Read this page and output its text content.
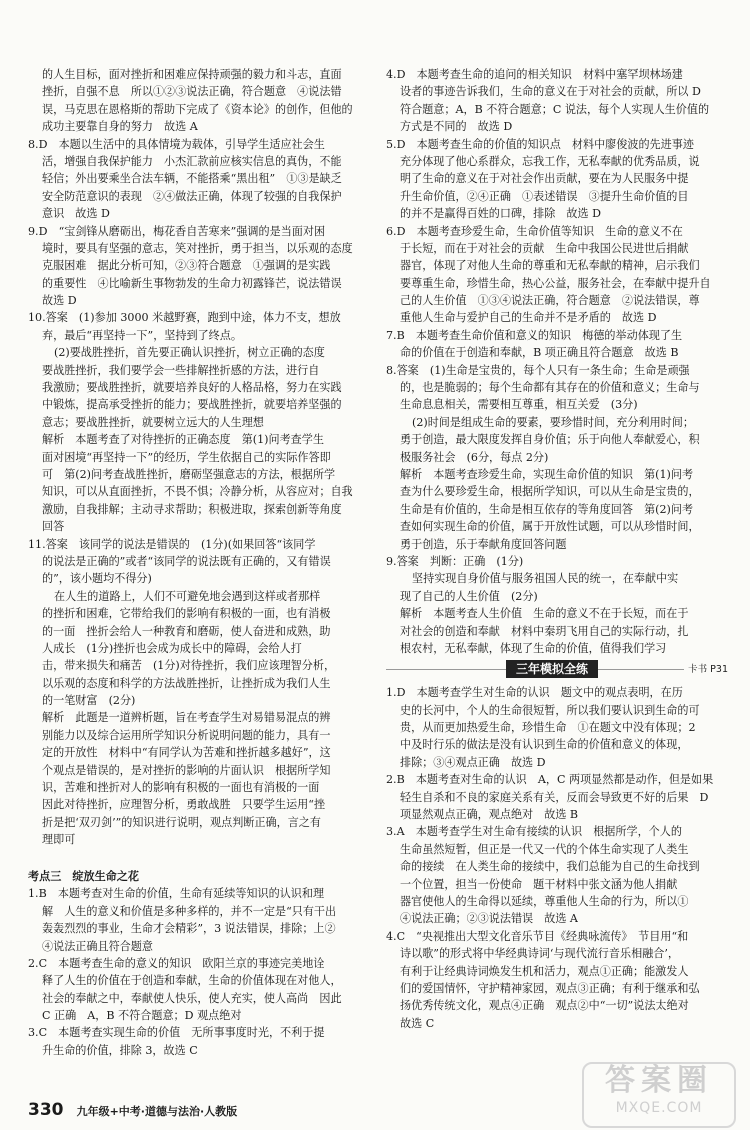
的人生目标，面对挫折和困难应保持顽强的毅力和斗志，直面
挫折，自强不息　所以①②③说法正确，符合题意　④说法错
误，马克思在恩格斯的帮助下完成了《资本论》的创作，但他的
成功主要靠自身的努力　故选 A
8.D　本题以生活中的具体情境为载体，引导学生适应社会生
活，增强自我保护能力　小杰汇款前应核实信息的真伪，不能
轻信；外出要乘坐合法车辆，不能搭乘“黑出租”　①③是缺乏
安全防范意识的表现　②④做法正确，体现了较强的自我保护
意识　故选 D
9.D　“宝剑锋从磨砺出，梅花香自苦寒来”强调的是当面对困
境时，要具有坚强的意志，笑对挫折，勇于担当，以乐观的态度
克服困难　据此分析可知，②③符合题意　①强调的是实践
的重要性　④比喻新生事物勃发的生命力初露锋芒，说法错误
故选 D
10.答案　(1)参加 3000 米越野赛，跑到中途，体力不支，想放
弃，最后“再坚持一下”，坚持到了终点。
(2)要战胜挫折，首先要正确认识挫折，树立正确的态度
要战胜挫折，我们要学会一些排解挫折感的方法，进行自
我激励；要战胜挫折，就要培养良好的人格品格，努力在实践
中锻炼，提高承受挫折的能力；要战胜挫折，就要培养坚强的
意志；要战胜挫折，就要树立远大的人生理想
解析　本题考查了对待挫折的正确态度　第(1)问考查学生
面对困境“再坚持一下”的经历，学生依据自己的实际作答即
可　第(2)问考查战胜挫折，磨砺坚强意志的方法，根据所学
知识，可以从直面挫折，不畏不惧；冷静分析，从容应对；自我
激励，自我排解；主动寻求帮助；积极进取，探索创新等角度
回答
11.答案　该同学的说法是错误的　(1分)(如果回答“该同学
的说法是正确的”或者“该同学的说法既有正确的，又有错误
的”，该小题均不得分)
在人生的道路上，人们不可避免地会遇到这样或者那样
的挫折和困难，它带给我们的影响有积极的一面，也有消极
的一面　挫折会给人一种教育和磨砺，使人奋进和成熟，助
人成长　(1分)挫折也会成为成长中的障碍，会给人打
击，带来损失和痛苦　(1分)对待挫折，我们应该理智分析，
以乐观的态度和科学的方法战胜挫折，让挫折成为我们人生
的一笔财富　(2分)
解析　此题是一道辨析题，旨在考查学生对易错易混点的辨
别能力以及综合运用所学知识分析说明问题的能力，具有一
定的开放性　材料中“有同学认为苦难和挫折越多越好”，这
个观点是错误的，是对挫折的影响的片面认识　根据所学知
识，苦难和挫折对人的影响有积极的一面也有消极的一面
因此对待挫折，应理智分析，勇敢战胜　只要学生运用“挫
折是把‘双刃剑’”的知识进行说明，观点判断正确，言之有
理即可
考点三　绽放生命之花
1.B　本题考查对生命的价值，生命有延续等知识的认识和理
解　人生的意义和价值是多种多样的，并不一定是“只有干出
轰轰烈烈的事业，生命才会精彩”，3 说法错误，排除；上②
④说法正确且符合题意
2.C　本题考查生命的意义的知识　欧阳兰京的事迹完美地诠
释了人生的价值在于创造和奉献，生命的价值体现在对他人，
社会的奉献之中，奉献使人快乐，使人充实，使人高尚　因此
C 正确　A，B 不符合题意；D 观点绝对
3.C　本题考查实现生命的价值　无所事事度时光，不利于提
升生命的价值，排除 3，故选 C
4.D　本题考查生命的追问的相关知识　材料中塞罕坝林场建
设者的事迹告诉我们，生命的意义在于对社会的贡献，所以 D
符合题意；A，B 不符合题意；C 说法，每个人实现人生价值的
方式是不同的　故选 D
5.D　本题考查生命的价值的知识点　材料中廖俊波的先进事迹
充分体现了他心系群众，忘我工作，无私奉献的优秀品质，说
明了生命的意义在于对社会作出贡献，要在为人民服务中提
升生命价值，②④正确　①表述错误　③提升生命价值的目
的并不是赢得百姓的口碑，排除　故选 D
6.D　本题考查珍爱生命，生命价值等知识　生命的意义不在
于长短，而在于对社会的贡献　生命中我国公民进世后捐献
器官，体现了对他人生命的尊重和无私奉献的精神，启示我们
要尊重生命，珍惜生命，热心公益，服务社会，在奉献中提升自
己的人生价值　①③④说法正确，符合题意　②说法错误，尊
重他人生命与爱护自己的生命并不是矛盾的　故选 D
7.B　本题考查生命价值和意义的知识　梅德的举动体现了生
命的价值在于创造和奉献，B 项正确且符合题意　故选 B
8.答案　(1)生命是宝贵的，每个人只有一条生命；生命是顽强
的，也是脆弱的；每个生命都有其存在的价值和意义；生命与
生命息息相关，需要相互尊重，相互关爱　(3分)
(2)时间是组成生命的要素，要珍惜时间，充分利用时间；
勇于创造，最大限度发挥自身价值；乐于向他人奉献爱心，积
极服务社会　(6分，每点 2分)
解析　本题考查珍爱生命，实现生命价值的知识　第(1)问考
查为什么要珍爱生命，根据所学知识，可以从生命是宝贵的，
生命是有价值的，生命是相互依存的等角度回答　第(2)问考
查如何实现生命的价值，属于开放性试题，可以从珍惜时间，
勇于创造，乐于奉献角度回答问题
9.答案　判断：正确　(1分)
坚持实现自身价值与服务祖国人民的统一，在奉献中实
现了自己的人生价值　(2分)
解析　本题考查人生价值　生命的意义不在于长短，而在于
对社会的创造和奉献　材料中秦玥飞用自己的实际行动，扎
根农村，无私奉献，体现了生命的价值，值得我们学习
三年模拟全练	卡书 P31
1.D　本题考查学生对生命的认识　题文中的观点表明，在历
史的长河中，个人的生命很短暂，所以我们要认识到生命的可
贵，从而更加热爱生命，珍惜生命　①在题文中没有体现；2
中及时行乐的做法是没有认识到生命的价值和意义的体现，
排除；③④观点正确　故选 D
2.B　本题考查对生命的认识　A，C 两项显然都是动作，但是如果
轻生自杀和不良的家庭关系有关，反而会导致更不好的后果　D
项显然观点正确，观点绝对　故选 B
3.A　本题考查学生对生命有接续的认识　根据所学，个人的
生命虽然短暂，但正是一代又一代的个体生命实现了人类生
命的接续　在人类生命的接续中，我们总能为自己的生命找到
一个位置，担当一份使命　题干材料中张文涵为他人捐献
器官使他人的生命得以延续，尊重他人生命的行为，所以①
④说法正确；②③说法错误　故选 A
4.C　“央视推出大型文化音乐节目《经典咏流传》　节目用“和
诗以歌”的形式将中华经典诗词‘与现代流行音乐相融合’，
有利于让经典诗词焕发生机和活力，观点①正确；能激发人
们的爱国情怀，守护精神家园，观点③正确；有利于继承和弘
扬优秀传统文化，观点④正确　观点②中“一切”说法太绝对
故选 C
330 九年级+中考·道德与法治·人教版
答案圈
MXQE.COM
